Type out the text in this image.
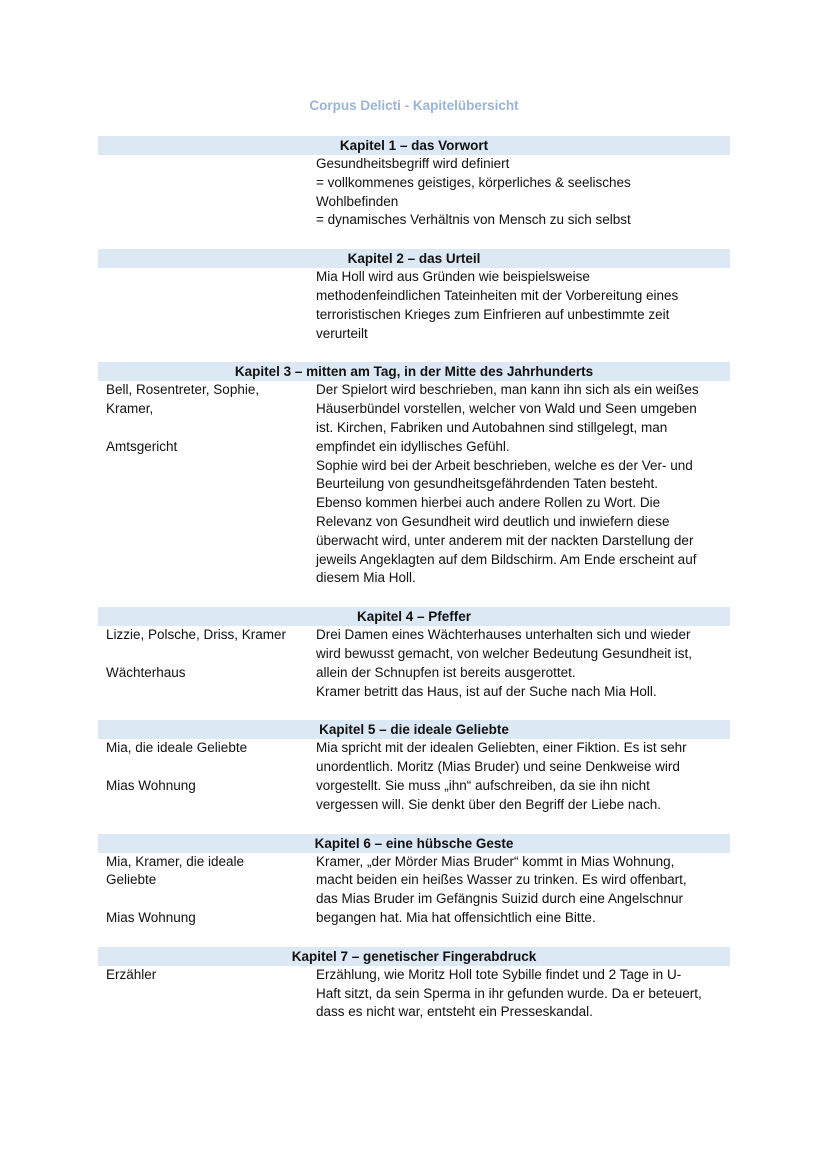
Corpus Delicti - Kapitelübersicht
Kapitel 1 – das Vorwort
Gesundheitsbegriff wird definiert
= vollkommenes geistiges, körperliches & seelisches
Wohlbefinden
= dynamisches Verhältnis von Mensch zu sich selbst
Kapitel 2 – das Urteil
Mia Holl wird aus Gründen wie beispielsweise
methodenfeindlichen Tateinheiten mit der Vorbereitung eines
terroristischen Krieges zum Einfrieren auf unbestimmte zeit
verurteilt
Kapitel 3 – mitten am Tag, in der Mitte des Jahrhunderts
Bell, Rosentreter, Sophie,
Kramer,
Amtsgericht
Der Spielort wird beschrieben, man kann ihn sich als ein weißes
Häuserbündel vorstellen, welcher von Wald und Seen umgeben
ist. Kirchen, Fabriken und Autobahnen sind stillgelegt, man
empfindet ein idyllisches Gefühl.
Sophie wird bei der Arbeit beschrieben, welche es der Ver- und
Beurteilung von gesundheitsgefährdenden Taten besteht.
Ebenso kommen hierbei auch andere Rollen zu Wort. Die
Relevanz von Gesundheit wird deutlich und inwiefern diese
überwacht wird, unter anderem mit der nackten Darstellung der
jeweils Angeklagten auf dem Bildschirm. Am Ende erscheint auf
diesem Mia Holl.
Kapitel 4 – Pfeffer
Lizzie, Polsche, Driss, Kramer
Wächterhaus
Drei Damen eines Wächterhauses unterhalten sich und wieder
wird bewusst gemacht, von welcher Bedeutung Gesundheit ist,
allein der Schnupfen ist bereits ausgerottet.
Kramer betritt das Haus, ist auf der Suche nach Mia Holl.
Kapitel 5 – die ideale Geliebte
Mia, die ideale Geliebte
Mias Wohnung
Mia spricht mit der idealen Geliebten, einer Fiktion. Es ist sehr
unordentlich. Moritz (Mias Bruder) und seine Denkweise wird
vorgestellt. Sie muss „ihn“ aufschreiben, da sie ihn nicht
vergessen will. Sie denkt über den Begriff der Liebe nach.
Kapitel 6 – eine hübsche Geste
Mia, Kramer, die ideale
Geliebte
Mias Wohnung
Kramer, „der Mörder Mias Bruder“ kommt in Mias Wohnung,
macht beiden ein heißes Wasser zu trinken. Es wird offenbart,
das Mias Bruder im Gefängnis Suizid durch eine Angelschnur
begangen hat. Mia hat offensichtlich eine Bitte.
Kapitel 7 – genetischer Fingerabdruck
Erzähler	Erzählung, wie Moritz Holl tote Sybille findet und 2 Tage in U-
Haft sitzt, da sein Sperma in ihr gefunden wurde. Da er beteuert,
dass es nicht war, entsteht ein Presseskandal.
